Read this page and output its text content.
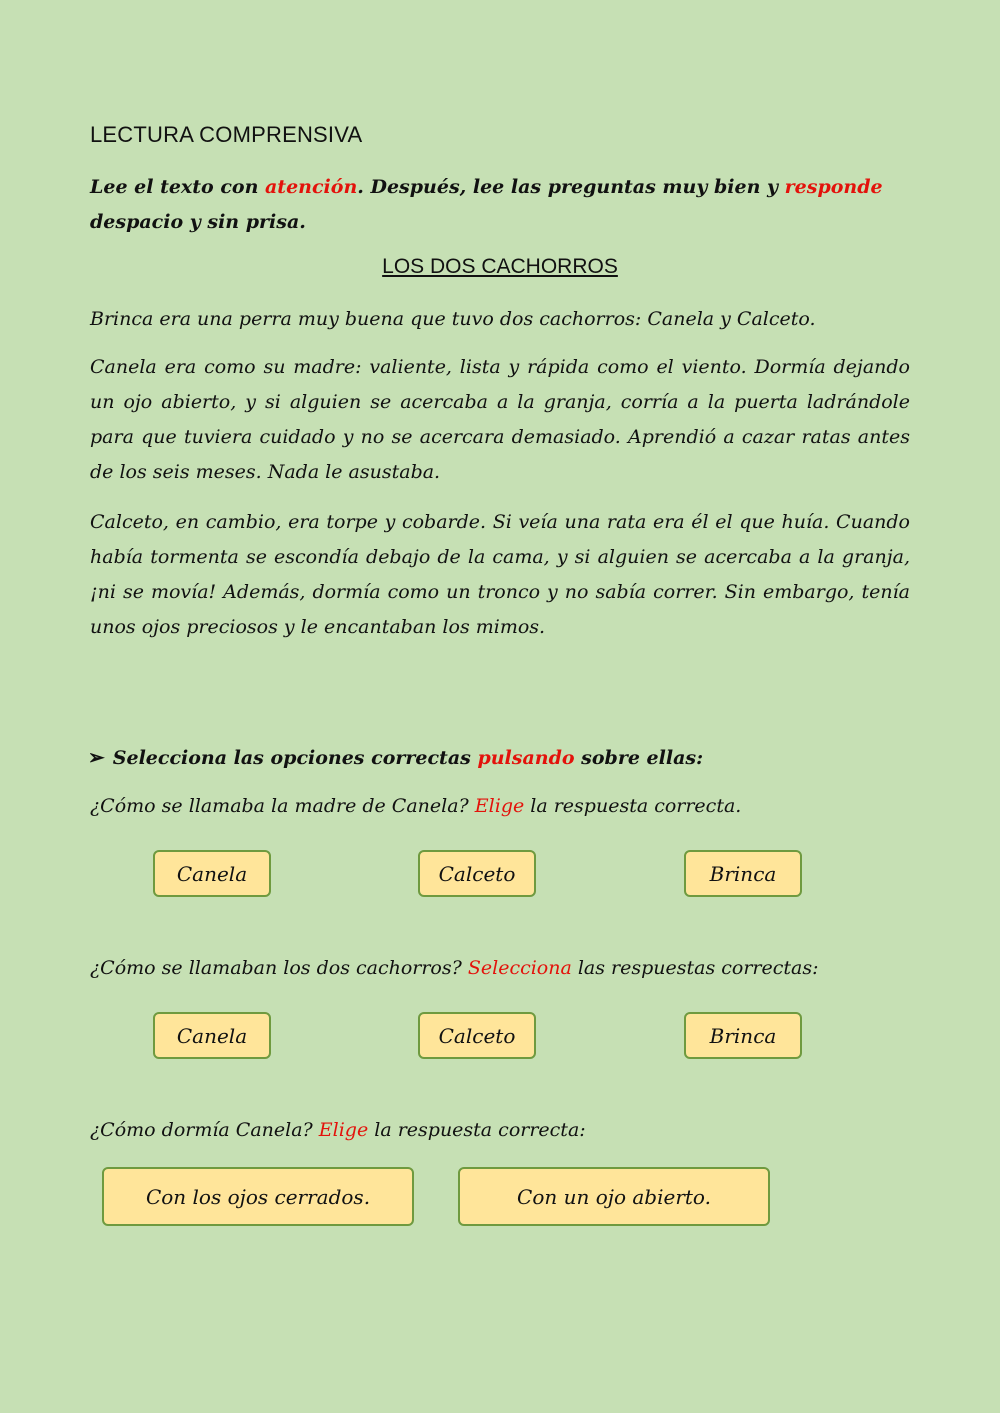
LECTURA COMPRENSIVA
Lee el texto con atención. Después, lee las preguntas muy bien y responde despacio y sin prisa.
LOS DOS CACHORROS
Brinca era una perra muy buena que tuvo dos cachorros: Canela y Calceto.
Canela era como su madre: valiente, lista y rápida como el viento. Dormía dejando un ojo abierto, y si alguien se acercaba a la granja, corría a la puerta ladrándole para que tuviera cuidado y no se acercara demasiado. Aprendió a cazar ratas antes de los seis meses. Nada le asustaba.
Calceto, en cambio, era torpe y cobarde. Si veía una rata era él el que huía. Cuando había tormenta se escondía debajo de la cama, y si alguien se acercaba a la granja, ¡ni se movía! Además, dormía como un tronco y no sabía correr. Sin embargo, tenía unos ojos preciosos y le encantaban los mimos.
➢ Selecciona las opciones correctas pulsando sobre ellas:
¿Cómo se llamaba la madre de Canela? Elige la respuesta correcta.
Canela	Calceto	Brinca
¿Cómo se llamaban los dos cachorros? Selecciona las respuestas correctas:
Canela	Calceto	Brinca
¿Cómo dormía Canela? Elige la respuesta correcta:
Con los ojos cerrados.	Con un ojo abierto.
